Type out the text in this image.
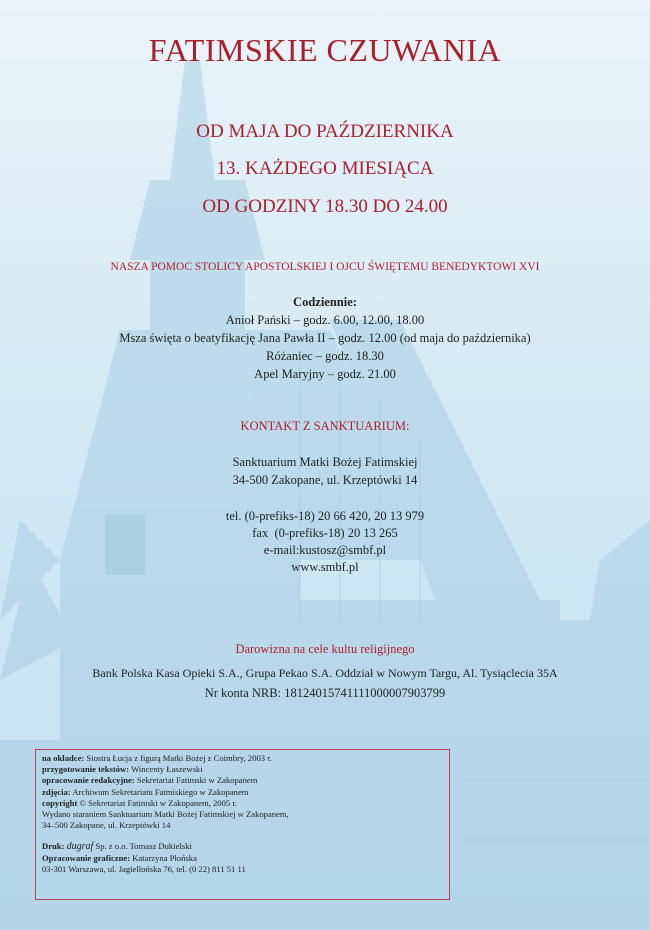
FATIMSKIE CZUWANIA
OD MAJA DO PAŹDZIERNIKA
13. KAŻDEGO MIESIĄCA
OD GODZINY 18.30 DO 24.00
NASZA POMOC STOLICY APOSTOLSKIEJ I OJCU ŚWIĘTEMU BENEDYKTOWI XVI
Codziennie:
Anioł Pański – godz. 6.00, 12.00, 18.00
Msza święta o beatyfikację Jana Pawła II – godz. 12.00 (od maja do października)
Różaniec – godz. 18.30
Apel Maryjny – godz. 21.00
KONTAKT Z SANKTUARIUM:
Sanktuarium Matki Bożej Fatimskiej
34-500 Zakopane, ul. Krzeptówki 14
tel. (0-prefiks-18) 20 66 420, 20 13 979
fax  (0-prefiks-18) 20 13 265
e-mail:kustosz@smbf.pl
www.smbf.pl
Darowizna na cele kultu religijnego
Bank Polska Kasa Opieki S.A., Grupa Pekao S.A. Oddział w Nowym Targu, Al. Tysiąclecia 35A
Nr konta NRB: 18124015741111000007903799
na okładce: Siostra Łucja z figurą Matki Bożej z Coimbry, 2003 r.
przygotowanie tekstów: Wincenty Łaszewski
opracowanie redakcyjne: Sekretariat Fatimski w Zakopanem
zdjęcia: Archiwum Sekretariatu Fatmiskiego w Zakopanem
copyright © Sekretariat Fatimski w Zakopanem, 2005 r.
Wydano staraniem Sanktuarium Matki Bożej Fatimskiej w Zakopanem,
34–500 Zakopane, ul. Krzeptówki 14
Druk: dugraf Sp. z o.o. Tomasz Dukielski
Opracowanie graficzne: Katarzyna Płońska
03-301 Warszawa, ul. Jagiellońska 76, tel. (0 22) 811 51 11
